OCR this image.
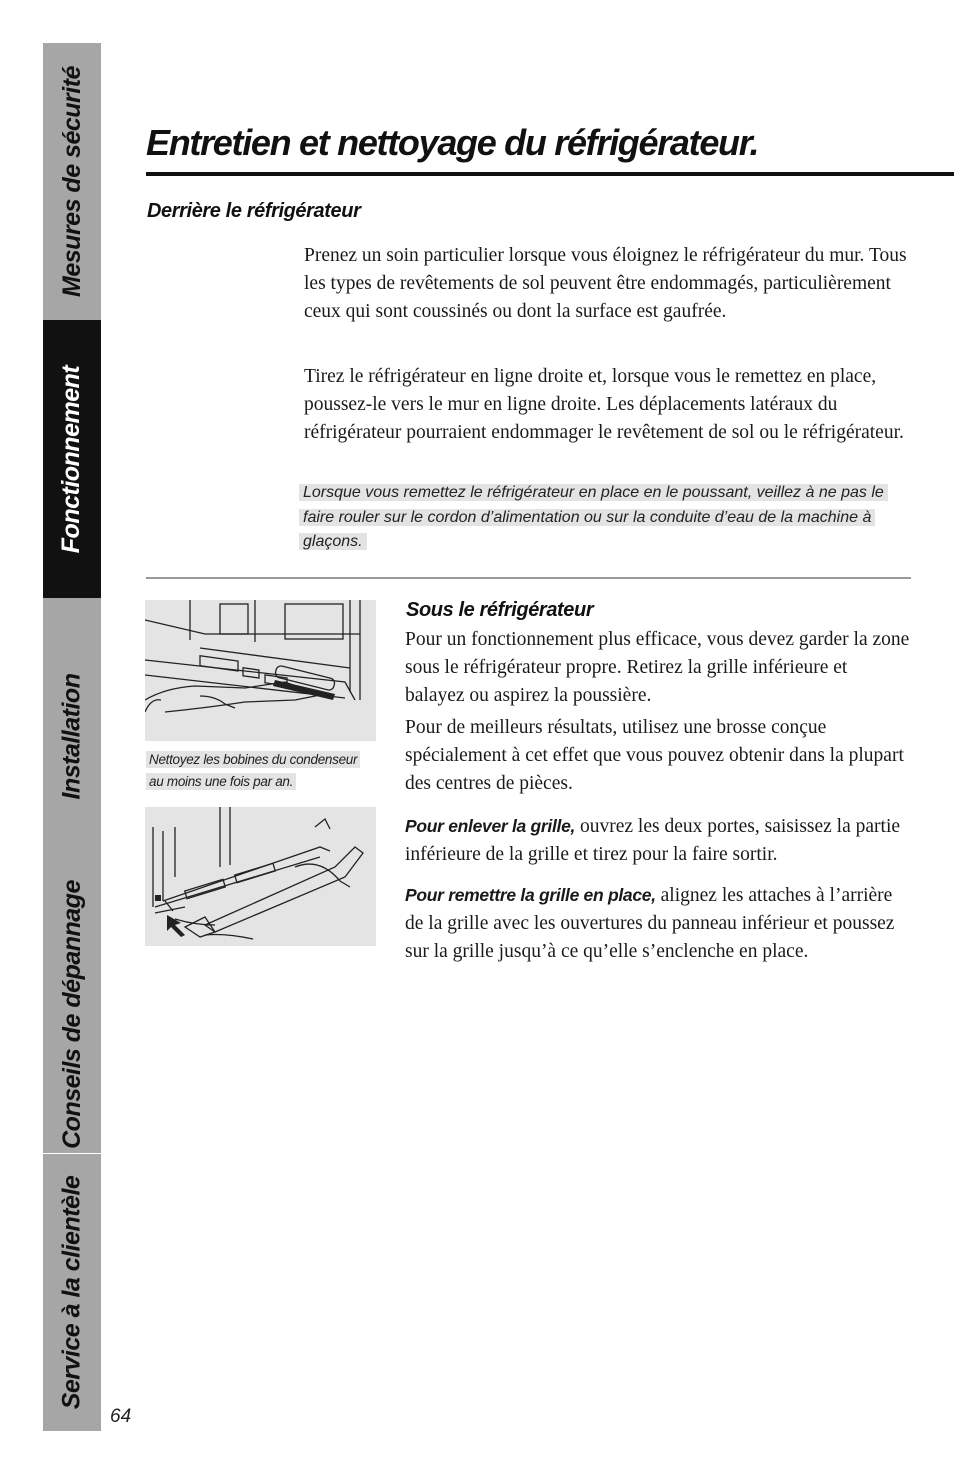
Mesures de sécurité
Fonctionnement
Installation
Conseils de dépannage
Service à la clientèle
Entretien et nettoyage du réfrigérateur.
Derrière le réfrigérateur

Prenez un soin particulier lorsque vous éloignez le réfrigérateur du mur. Tous les types de revêtements de sol peuvent être endommagés, particulièrement ceux qui sont coussinés ou dont la surface est gaufrée.

Tirez le réfrigérateur en ligne droite et, lorsque vous le remettez en place, poussez-le vers le mur en ligne droite. Les déplacements latéraux du réfrigérateur pourraient endommager le revêtement de sol ou le réfrigérateur.

Lorsque vous remettez le réfrigérateur en place en le poussant, veillez à ne pas le faire rouler sur le cordon d’alimentation ou sur la conduite d’eau de la machine à glaçons.

Nettoyez les bobines du condenseur au moins une fois par an.

Sous le réfrigérateur

Pour un fonctionnement plus efficace, vous devez garder la zone sous le réfrigérateur propre. Retirez la grille inférieure et balayez ou aspirez la poussière.

Pour de meilleurs résultats, utilisez une brosse conçue spécialement à cet effet que vous pouvez obtenir dans la plupart des centres de pièces.

Pour enlever la grille, ouvrez les deux portes, saisissez la partie inférieure de la grille et tirez pour la faire sortir.

Pour remettre la grille en place, alignez les attaches à l’arrière de la grille avec les ouvertures du panneau inférieur et poussez sur la grille jusqu’à ce qu’elle s’enclenche en place.

64
